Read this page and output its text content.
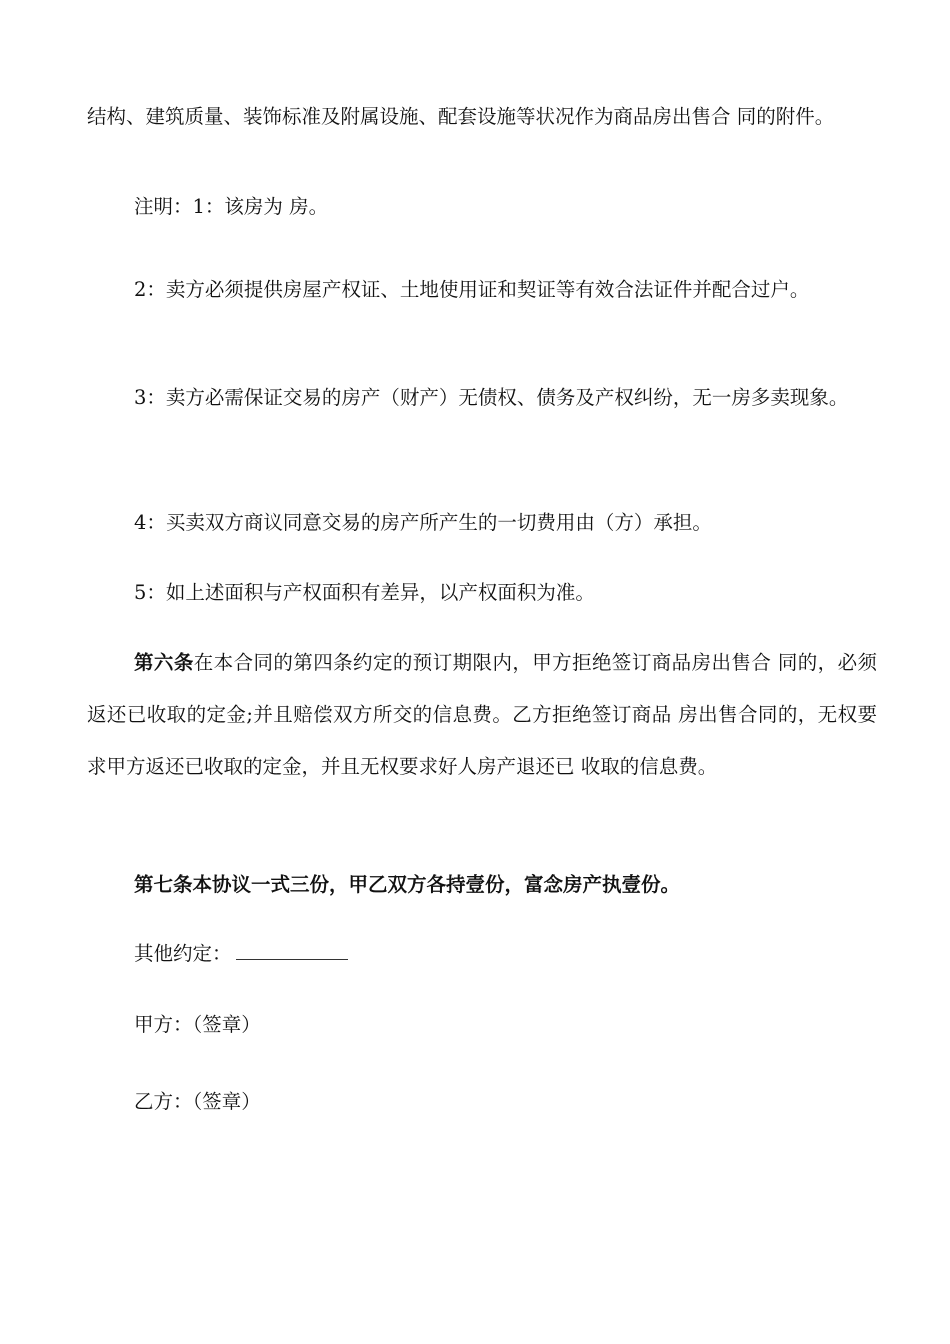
结构、建筑质量、装饰标准及附属设施、配套设施等状况作为商品房出售合 同的附件。

注明：1：该房为 房。

2：卖方必须提供房屋产权证、土地使用证和契证等有效合法证件并配合过户。

3：卖方必需保证交易的房产（财产）无债权、债务及产权纠纷，无一房多卖现象。

4：买卖双方商议同意交易的房产所产生的一切费用由（方）承担。

5：如上述面积与产权面积有差异，以产权面积为准。

第六条在本合同的第四条约定的预订期限内，甲方拒绝签订商品房出售合 同的，必须返还已收取的定金;并且赔偿双方所交的信息费。乙方拒绝签订商品 房出售合同的，无权要求甲方返还已收取的定金，并且无权要求好人房产退还已 收取的信息费。

第七条本协议一式三份，甲乙双方各持壹份，富念房产执壹份。

其他约定：

甲方：（签章）

乙方：（签章）
